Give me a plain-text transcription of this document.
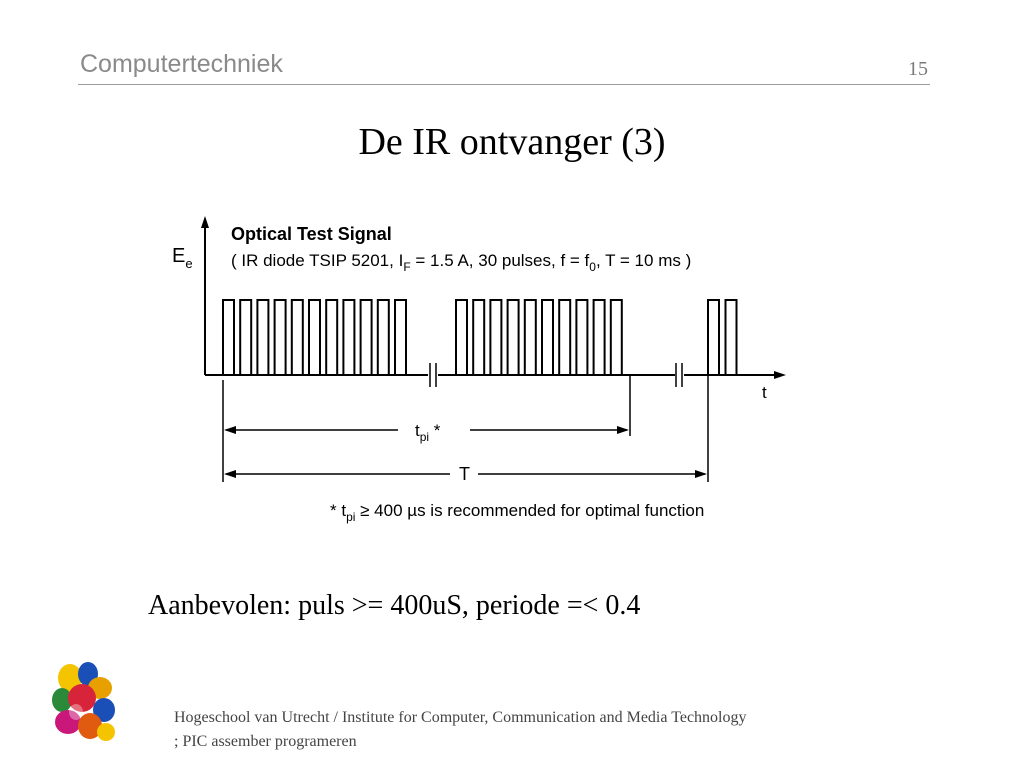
Computertechniek	15
De IR ontvanger (3)
$t_{pi}$ *
T
Optical Test Signal
( IR diode TSIP 5201, $I_F = 1.5$ A, 30 pulses, $f = f_0$, T = 10 ms )
$E_e$
t
* $t_{pi} \ge 400$ µs is recommended for optimal function
Aanbevolen: puls >= 400uS, periode =< 0.4
Hogeschool van Utrecht / Institute for Computer, Communication and Media Technology
; PIC assember programeren
